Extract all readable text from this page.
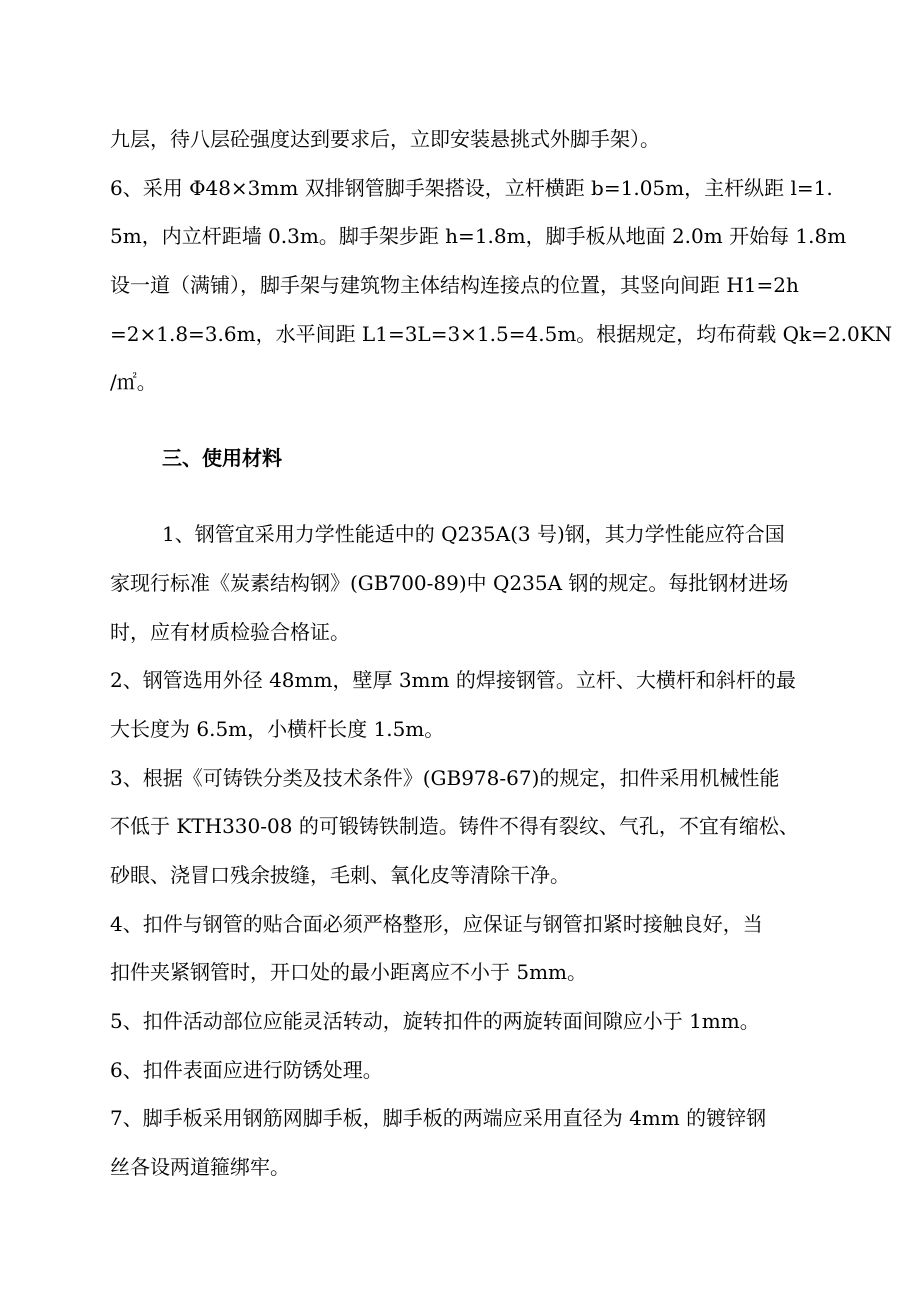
九层，待八层砼强度达到要求后，立即安装悬挑式外脚手架）。
6、采用 Φ48×3mm 双排钢管脚手架搭设，立杆横距 b=1.05m，主杆纵距 l=1.
5m，内立杆距墙 0.3m。脚手架步距 h=1.8m，脚手板从地面 2.0m 开始每 1.8m
设一道（满铺），脚手架与建筑物主体结构连接点的位置，其竖向间距 H1=2h
=2×1.8=3.6m，水平间距 L1=3L=3×1.5=4.5m。根据规定，均布荷载 Qk=2.0KN
/㎡。
三、使用材料
1、钢管宜采用力学性能适中的 Q235A(3 号)钢，其力学性能应符合国
家现行标准《炭素结构钢》(GB700-89)中 Q235A 钢的规定。每批钢材进场
时，应有材质检验合格证。
2、钢管选用外径 48mm，壁厚 3mm 的焊接钢管。立杆、大横杆和斜杆的最
大长度为 6.5m，小横杆长度 1.5m。
3、根据《可铸铁分类及技术条件》(GB978-67)的规定，扣件采用机械性能
不低于 KTH330-08 的可锻铸铁制造。铸件不得有裂纹、气孔，不宜有缩松、
砂眼、浇冒口残余披缝，毛刺、氧化皮等清除干净。
4、扣件与钢管的贴合面必须严格整形，应保证与钢管扣紧时接触良好，当
扣件夹紧钢管时，开口处的最小距离应不小于 5mm。
5、扣件活动部位应能灵活转动，旋转扣件的两旋转面间隙应小于 1mm。
6、扣件表面应进行防锈处理。
7、脚手板采用钢筋网脚手板，脚手板的两端应采用直径为 4mm 的镀锌钢
丝各设两道箍绑牢。
